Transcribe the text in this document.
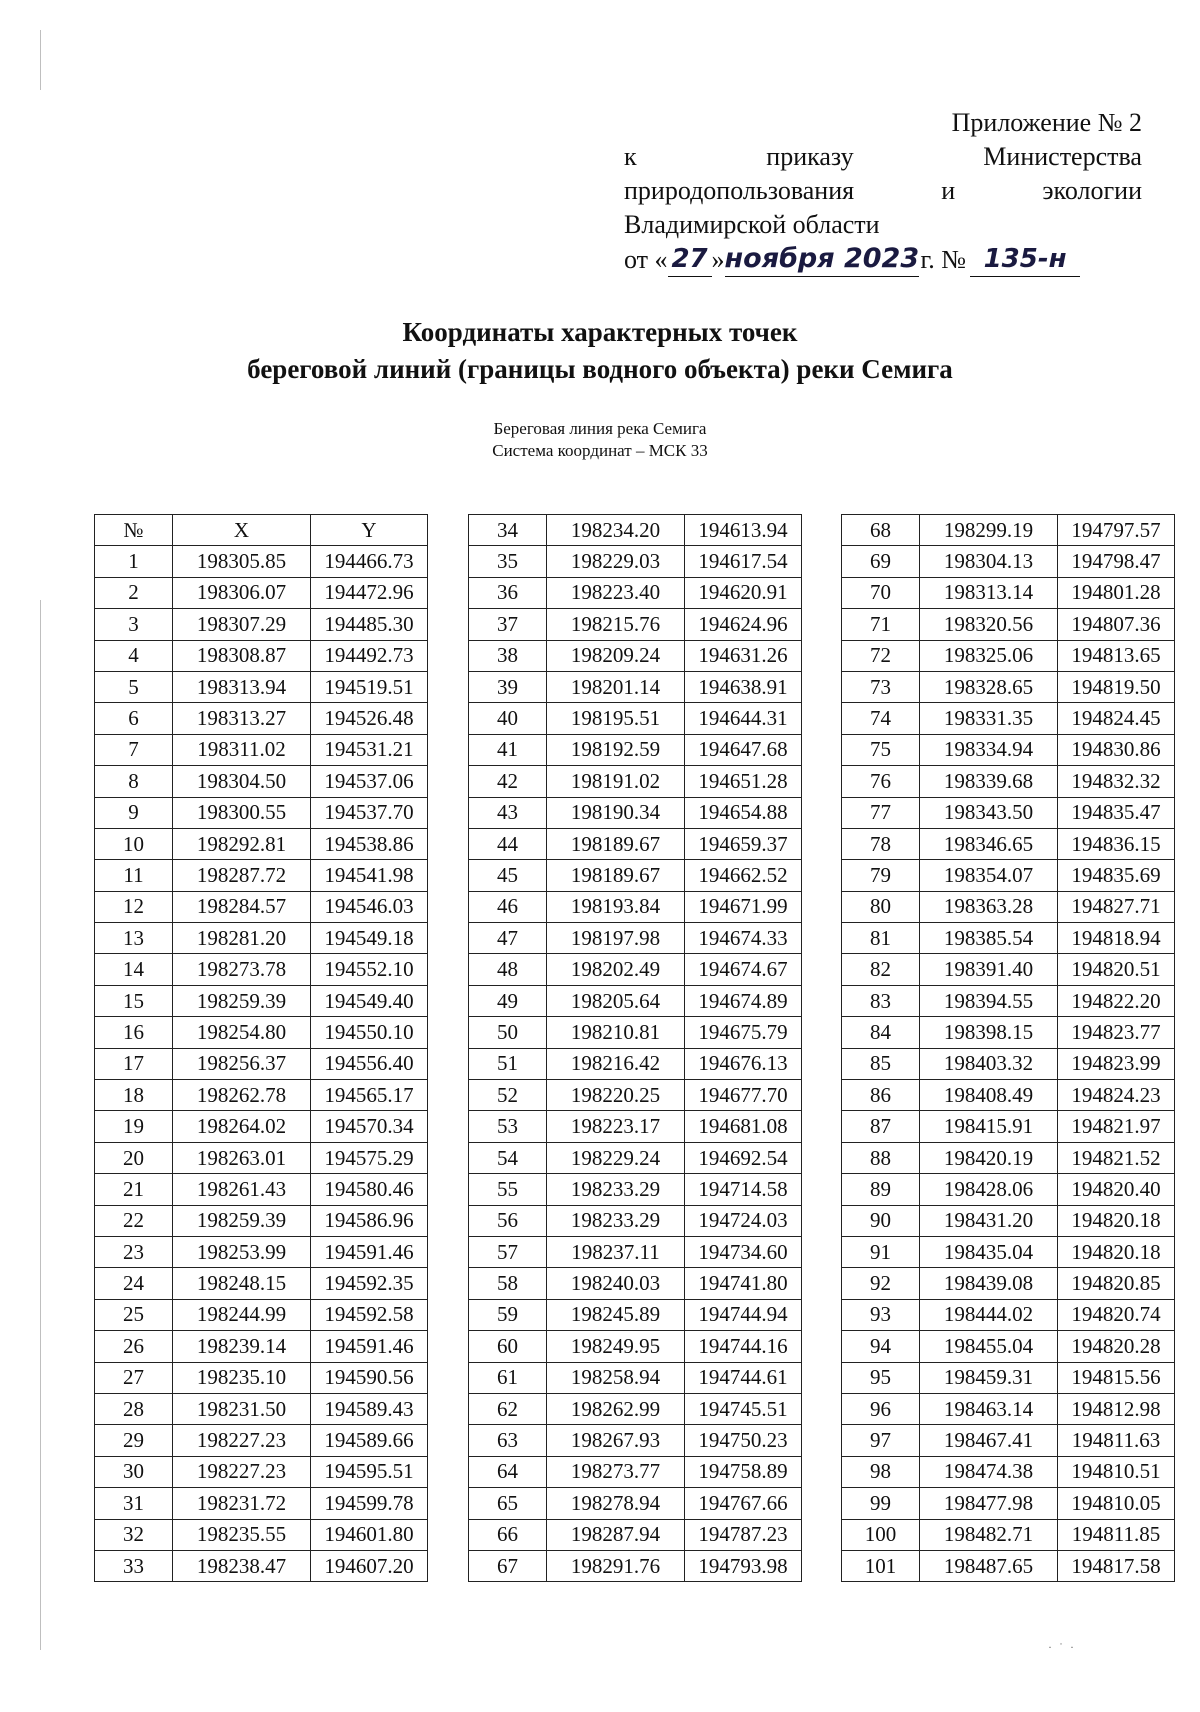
Приложение № 2
к	приказу	Министерства
природопользования	и	экологии
Владимирской области
от « 27 » ноября 2023 г. № 135-н
Координаты характерных точек
береговой линий (границы водного объекта) реки Семига
Береговая линия река Семига
Система координат – МСК 33
№	X	Y
1	198305.85	194466.73
2	198306.07	194472.96
3	198307.29	194485.30
4	198308.87	194492.73
5	198313.94	194519.51
6	198313.27	194526.48
7	198311.02	194531.21
8	198304.50	194537.06
9	198300.55	194537.70
10	198292.81	194538.86
11	198287.72	194541.98
12	198284.57	194546.03
13	198281.20	194549.18
14	198273.78	194552.10
15	198259.39	194549.40
16	198254.80	194550.10
17	198256.37	194556.40
18	198262.78	194565.17
19	198264.02	194570.34
20	198263.01	194575.29
21	198261.43	194580.46
22	198259.39	194586.96
23	198253.99	194591.46
24	198248.15	194592.35
25	198244.99	194592.58
26	198239.14	194591.46
27	198235.10	194590.56
28	198231.50	194589.43
29	198227.23	194589.66
30	198227.23	194595.51
31	198231.72	194599.78
32	198235.55	194601.80
33	198238.47	194607.20
34	198234.20	194613.94
35	198229.03	194617.54
36	198223.40	194620.91
37	198215.76	194624.96
38	198209.24	194631.26
39	198201.14	194638.91
40	198195.51	194644.31
41	198192.59	194647.68
42	198191.02	194651.28
43	198190.34	194654.88
44	198189.67	194659.37
45	198189.67	194662.52
46	198193.84	194671.99
47	198197.98	194674.33
48	198202.49	194674.67
49	198205.64	194674.89
50	198210.81	194675.79
51	198216.42	194676.13
52	198220.25	194677.70
53	198223.17	194681.08
54	198229.24	194692.54
55	198233.29	194714.58
56	198233.29	194724.03
57	198237.11	194734.60
58	198240.03	194741.80
59	198245.89	194744.94
60	198249.95	194744.16
61	198258.94	194744.61
62	198262.99	194745.51
63	198267.93	194750.23
64	198273.77	194758.89
65	198278.94	194767.66
66	198287.94	194787.23
67	198291.76	194793.98
68	198299.19	194797.57
69	198304.13	194798.47
70	198313.14	194801.28
71	198320.56	194807.36
72	198325.06	194813.65
73	198328.65	194819.50
74	198331.35	194824.45
75	198334.94	194830.86
76	198339.68	194832.32
77	198343.50	194835.47
78	198346.65	194836.15
79	198354.07	194835.69
80	198363.28	194827.71
81	198385.54	194818.94
82	198391.40	194820.51
83	198394.55	194822.20
84	198398.15	194823.77
85	198403.32	194823.99
86	198408.49	194824.23
87	198415.91	194821.97
88	198420.19	194821.52
89	198428.06	194820.40
90	198431.20	194820.18
91	198435.04	194820.18
92	198439.08	194820.85
93	198444.02	194820.74
94	198455.04	194820.28
95	198459.31	194815.56
96	198463.14	194812.98
97	198467.41	194811.63
98	198474.38	194810.51
99	198477.98	194810.05
100	198482.71	194811.85
101	198487.65	194817.58
· ˙ ·
